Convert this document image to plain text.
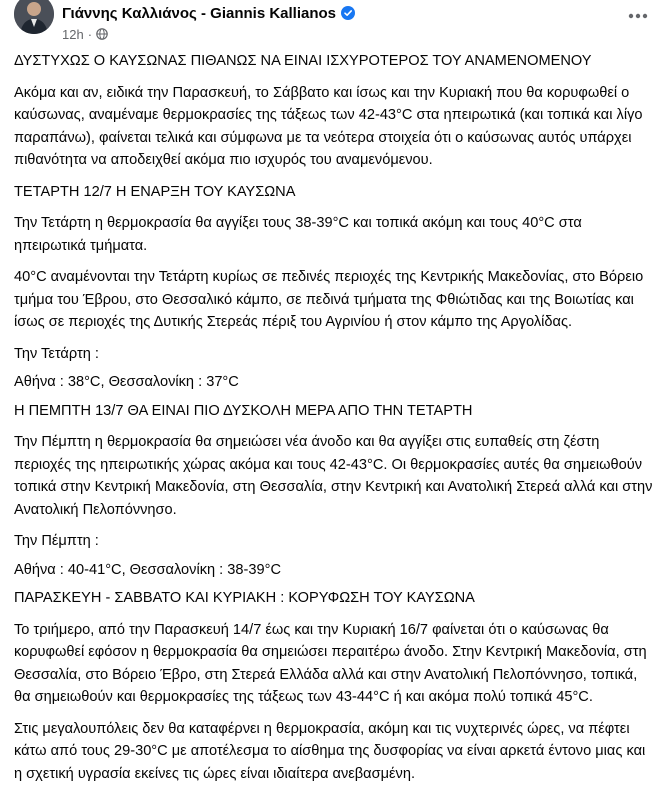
Γιάννης Καλλιάνος - Giannis Kallianos
12h ·

ΔΥΣΤΥΧΩΣ Ο ΚΑΥΣΩΝΑΣ ΠΙΘΑΝΩΣ ΝΑ ΕΙΝΑΙ ΙΣΧΥΡΟΤΕΡΟΣ ΤΟΥ ΑΝΑΜΕΝΟΜΕΝΟΥ

Ακόμα και αν, ειδικά την Παρασκευή, το Σάββατο και ίσως και την Κυριακή που θα κορυφωθεί ο καύσωνας, αναμέναμε θερμοκρασίες της τάξεως των 42-43°C στα ηπειρωτικά (και τοπικά και λίγο παραπάνω), φαίνεται τελικά και σύμφωνα με τα νεότερα στοιχεία ότι ο καύσωνας αυτός υπάρχει πιθανότητα να αποδειχθεί ακόμα πιο ισχυρός του αναμενόμενου.

ΤΕΤΑΡΤΗ 12/7 Η ΕΝΑΡΞΗ ΤΟΥ ΚΑΥΣΩΝΑ

Την Τετάρτη η θερμοκρασία θα αγγίξει τους 38-39°C και τοπικά ακόμη και τους 40°C στα ηπειρωτικά τμήματα.

40°C αναμένονται την Τετάρτη κυρίως σε πεδινές περιοχές της Κεντρικής Μακεδονίας, στο Βόρειο τμήμα του Έβρου, στο Θεσσαλικό κάμπο, σε πεδινά τμήματα της Φθιώτιδας και της Βοιωτίας και ίσως σε περιοχές της Δυτικής Στερεάς πέριξ του Αγρινίου ή στον κάμπο της Αργολίδας.

Την Τετάρτη :

Αθήνα : 38°C, Θεσσαλονίκη : 37°C

Η ΠΕΜΠΤΗ 13/7 ΘΑ ΕΙΝΑΙ ΠΙΟ ΔΥΣΚΟΛΗ ΜΕΡΑ ΑΠΟ ΤΗΝ ΤΕΤΑΡΤΗ

Την Πέμπτη η θερμοκρασία θα σημειώσει νέα άνοδο και θα αγγίξει στις ευπαθείς στη ζέστη περιοχές της ηπειρωτικής χώρας ακόμα και τους 42-43°C. Οι θερμοκρασίες αυτές θα σημειωθούν τοπικά στην Κεντρική Μακεδονία, στη Θεσσαλία, στην Κεντρική και Ανατολική Στερεά αλλά και στην Ανατολική Πελοπόννησο.

Την Πέμπτη :

Αθήνα : 40-41°C, Θεσσαλονίκη : 38-39°C

ΠΑΡΑΣΚΕΥΗ - ΣΑΒΒΑΤΟ ΚΑΙ ΚΥΡΙΑΚΗ : ΚΟΡΥΦΩΣΗ ΤΟΥ ΚΑΥΣΩΝΑ

Το τριήμερο, από την Παρασκευή 14/7 έως και την Κυριακή 16/7 φαίνεται ότι ο καύσωνας θα κορυφωθεί εφόσον η θερμοκρασία θα σημειώσει περαιτέρω άνοδο. Στην Κεντρική Μακεδονία, στη Θεσσαλία, στο Βόρειο Έβρο, στη Στερεά Ελλάδα αλλά και στην Ανατολική Πελοπόννησο, τοπικά, θα σημειωθούν και θερμοκρασίες της τάξεως των 43-44°C ή και ακόμα πολύ τοπικά 45°C.

Στις μεγαλουπόλεις δεν θα καταφέρνει η θερμοκρασία, ακόμη και τις νυχτερινές ώρες, να πέφτει κάτω από τους 29-30°C με αποτέλεσμα το αίσθημα της δυσφορίας να είναι αρκετά έντονο μιας και η σχετική υγρασία εκείνες τις ώρες είναι ιδιαίτερα ανεβασμένη.
